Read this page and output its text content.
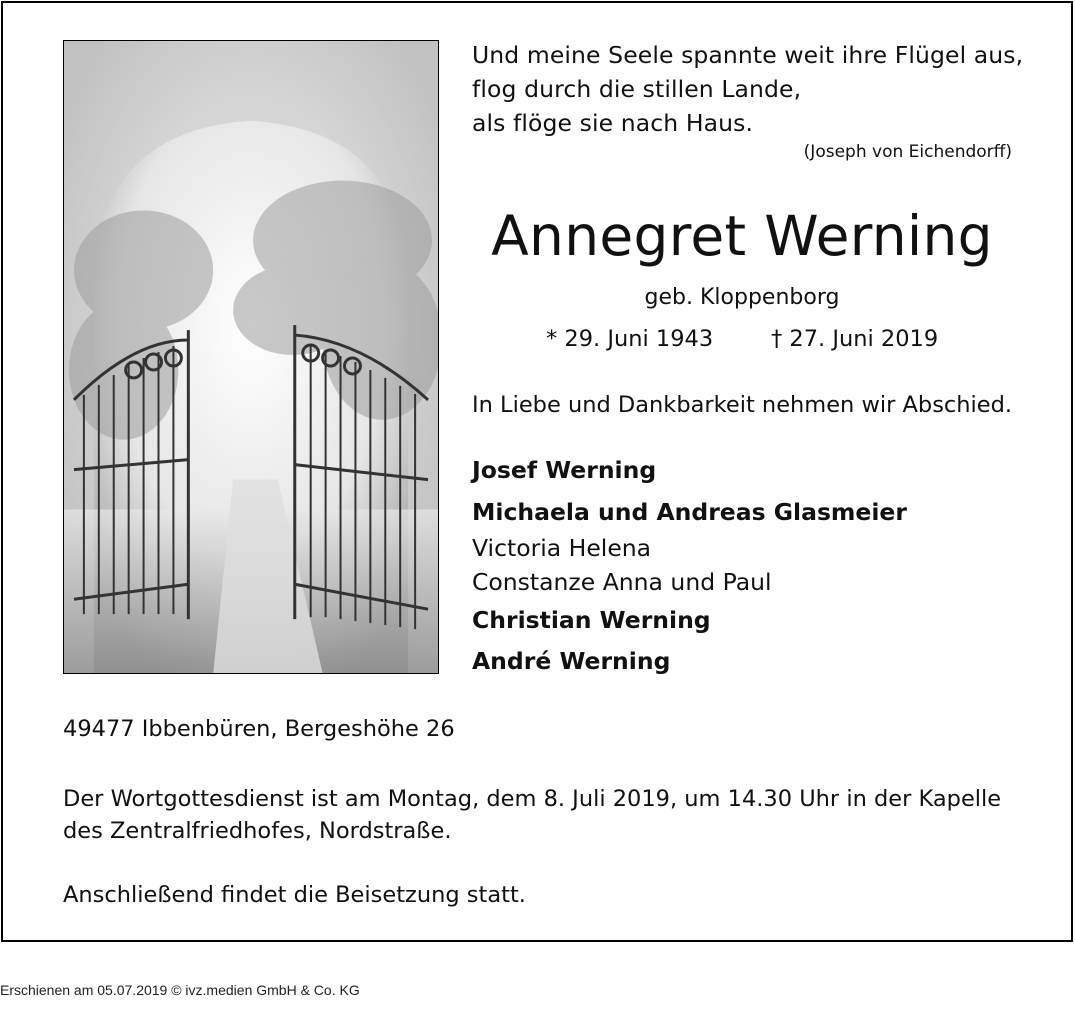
Und meine Seele spannte weit ihre Flügel aus,
flog durch die stillen Lande,
als flöge sie nach Haus.
(Joseph von Eichendorff)
Annegret Werning
geb. Kloppenborg
* 29. Juni 1943	† 27. Juni 2019
In Liebe und Dankbarkeit nehmen wir Abschied.
Josef Werning
Michaela und Andreas Glasmeier
Victoria Helena
Constanze Anna und Paul
Christian Werning
André Werning
49477 Ibbenbüren, Bergeshöhe 26
Der Wortgottesdienst ist am Montag, dem 8. Juli 2019, um 14.30 Uhr in der Kapelle des Zentralfriedhofes, Nordstraße.
Anschließend findet die Beisetzung statt.
Erschienen am 05.07.2019 © ivz.medien GmbH & Co. KG
